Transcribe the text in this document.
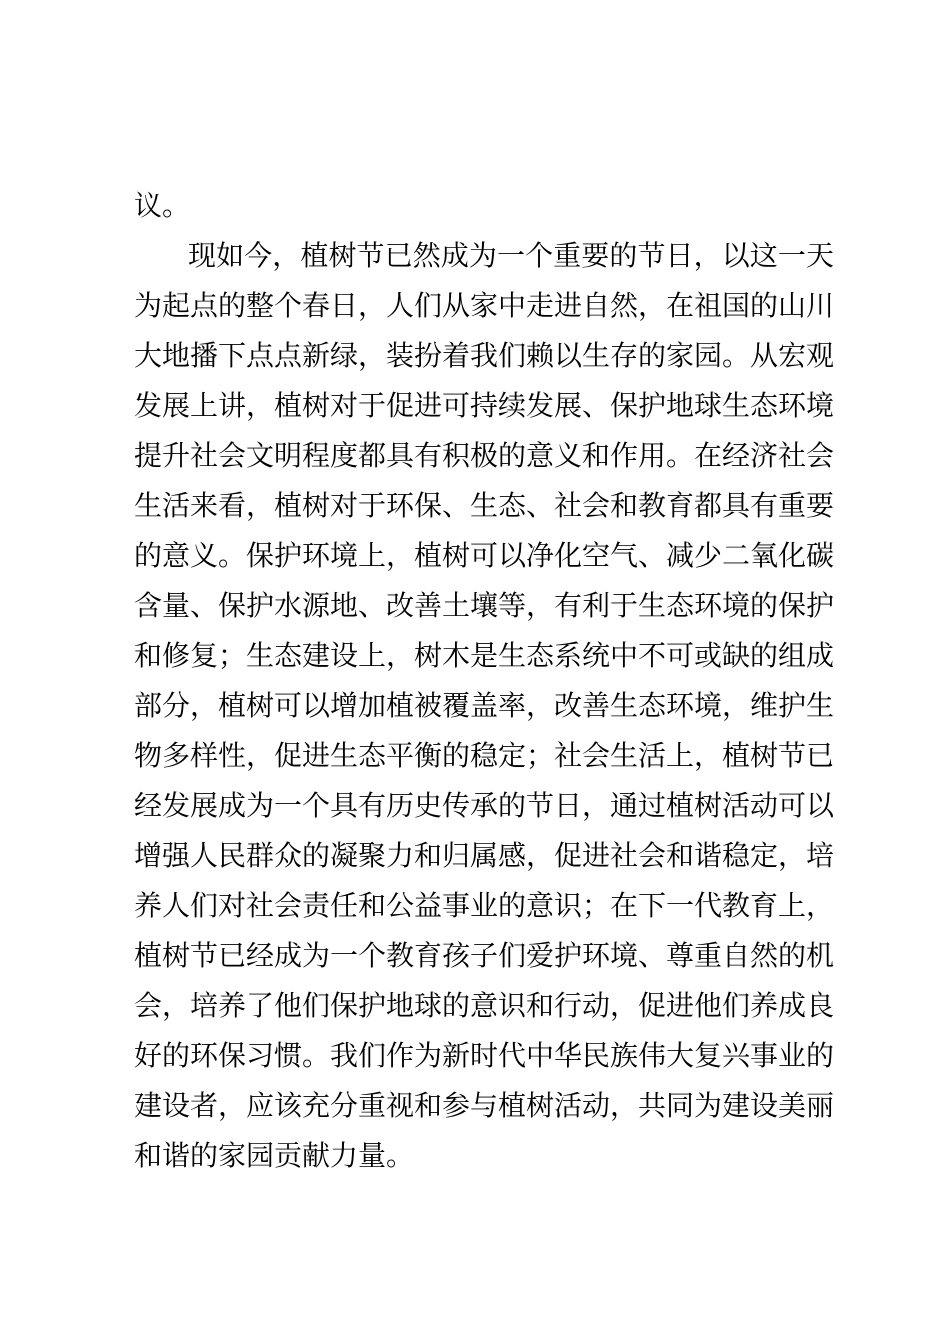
议。
现如今，植树节已然成为一个重要的节日，以这一天
为起点的整个春日，人们从家中走进自然，在祖国的山川
大地播下点点新绿，装扮着我们赖以生存的家园。从宏观
发展上讲，植树对于促进可持续发展、保护地球生态环境
提升社会文明程度都具有积极的意义和作用。在经济社会
生活来看，植树对于环保、生态、社会和教育都具有重要
的意义。保护环境上，植树可以净化空气、减少二氧化碳
含量、保护水源地、改善土壤等，有利于生态环境的保护
和修复；生态建设上，树木是生态系统中不可或缺的组成
部分，植树可以增加植被覆盖率，改善生态环境，维护生
物多样性，促进生态平衡的稳定；社会生活上，植树节已
经发展成为一个具有历史传承的节日，通过植树活动可以
增强人民群众的凝聚力和归属感，促进社会和谐稳定，培
养人们对社会责任和公益事业的意识；在下一代教育上，
植树节已经成为一个教育孩子们爱护环境、尊重自然的机
会，培养了他们保护地球的意识和行动，促进他们养成良
好的环保习惯。我们作为新时代中华民族伟大复兴事业的
建设者，应该充分重视和参与植树活动，共同为建设美丽
和谐的家园贡献力量。
